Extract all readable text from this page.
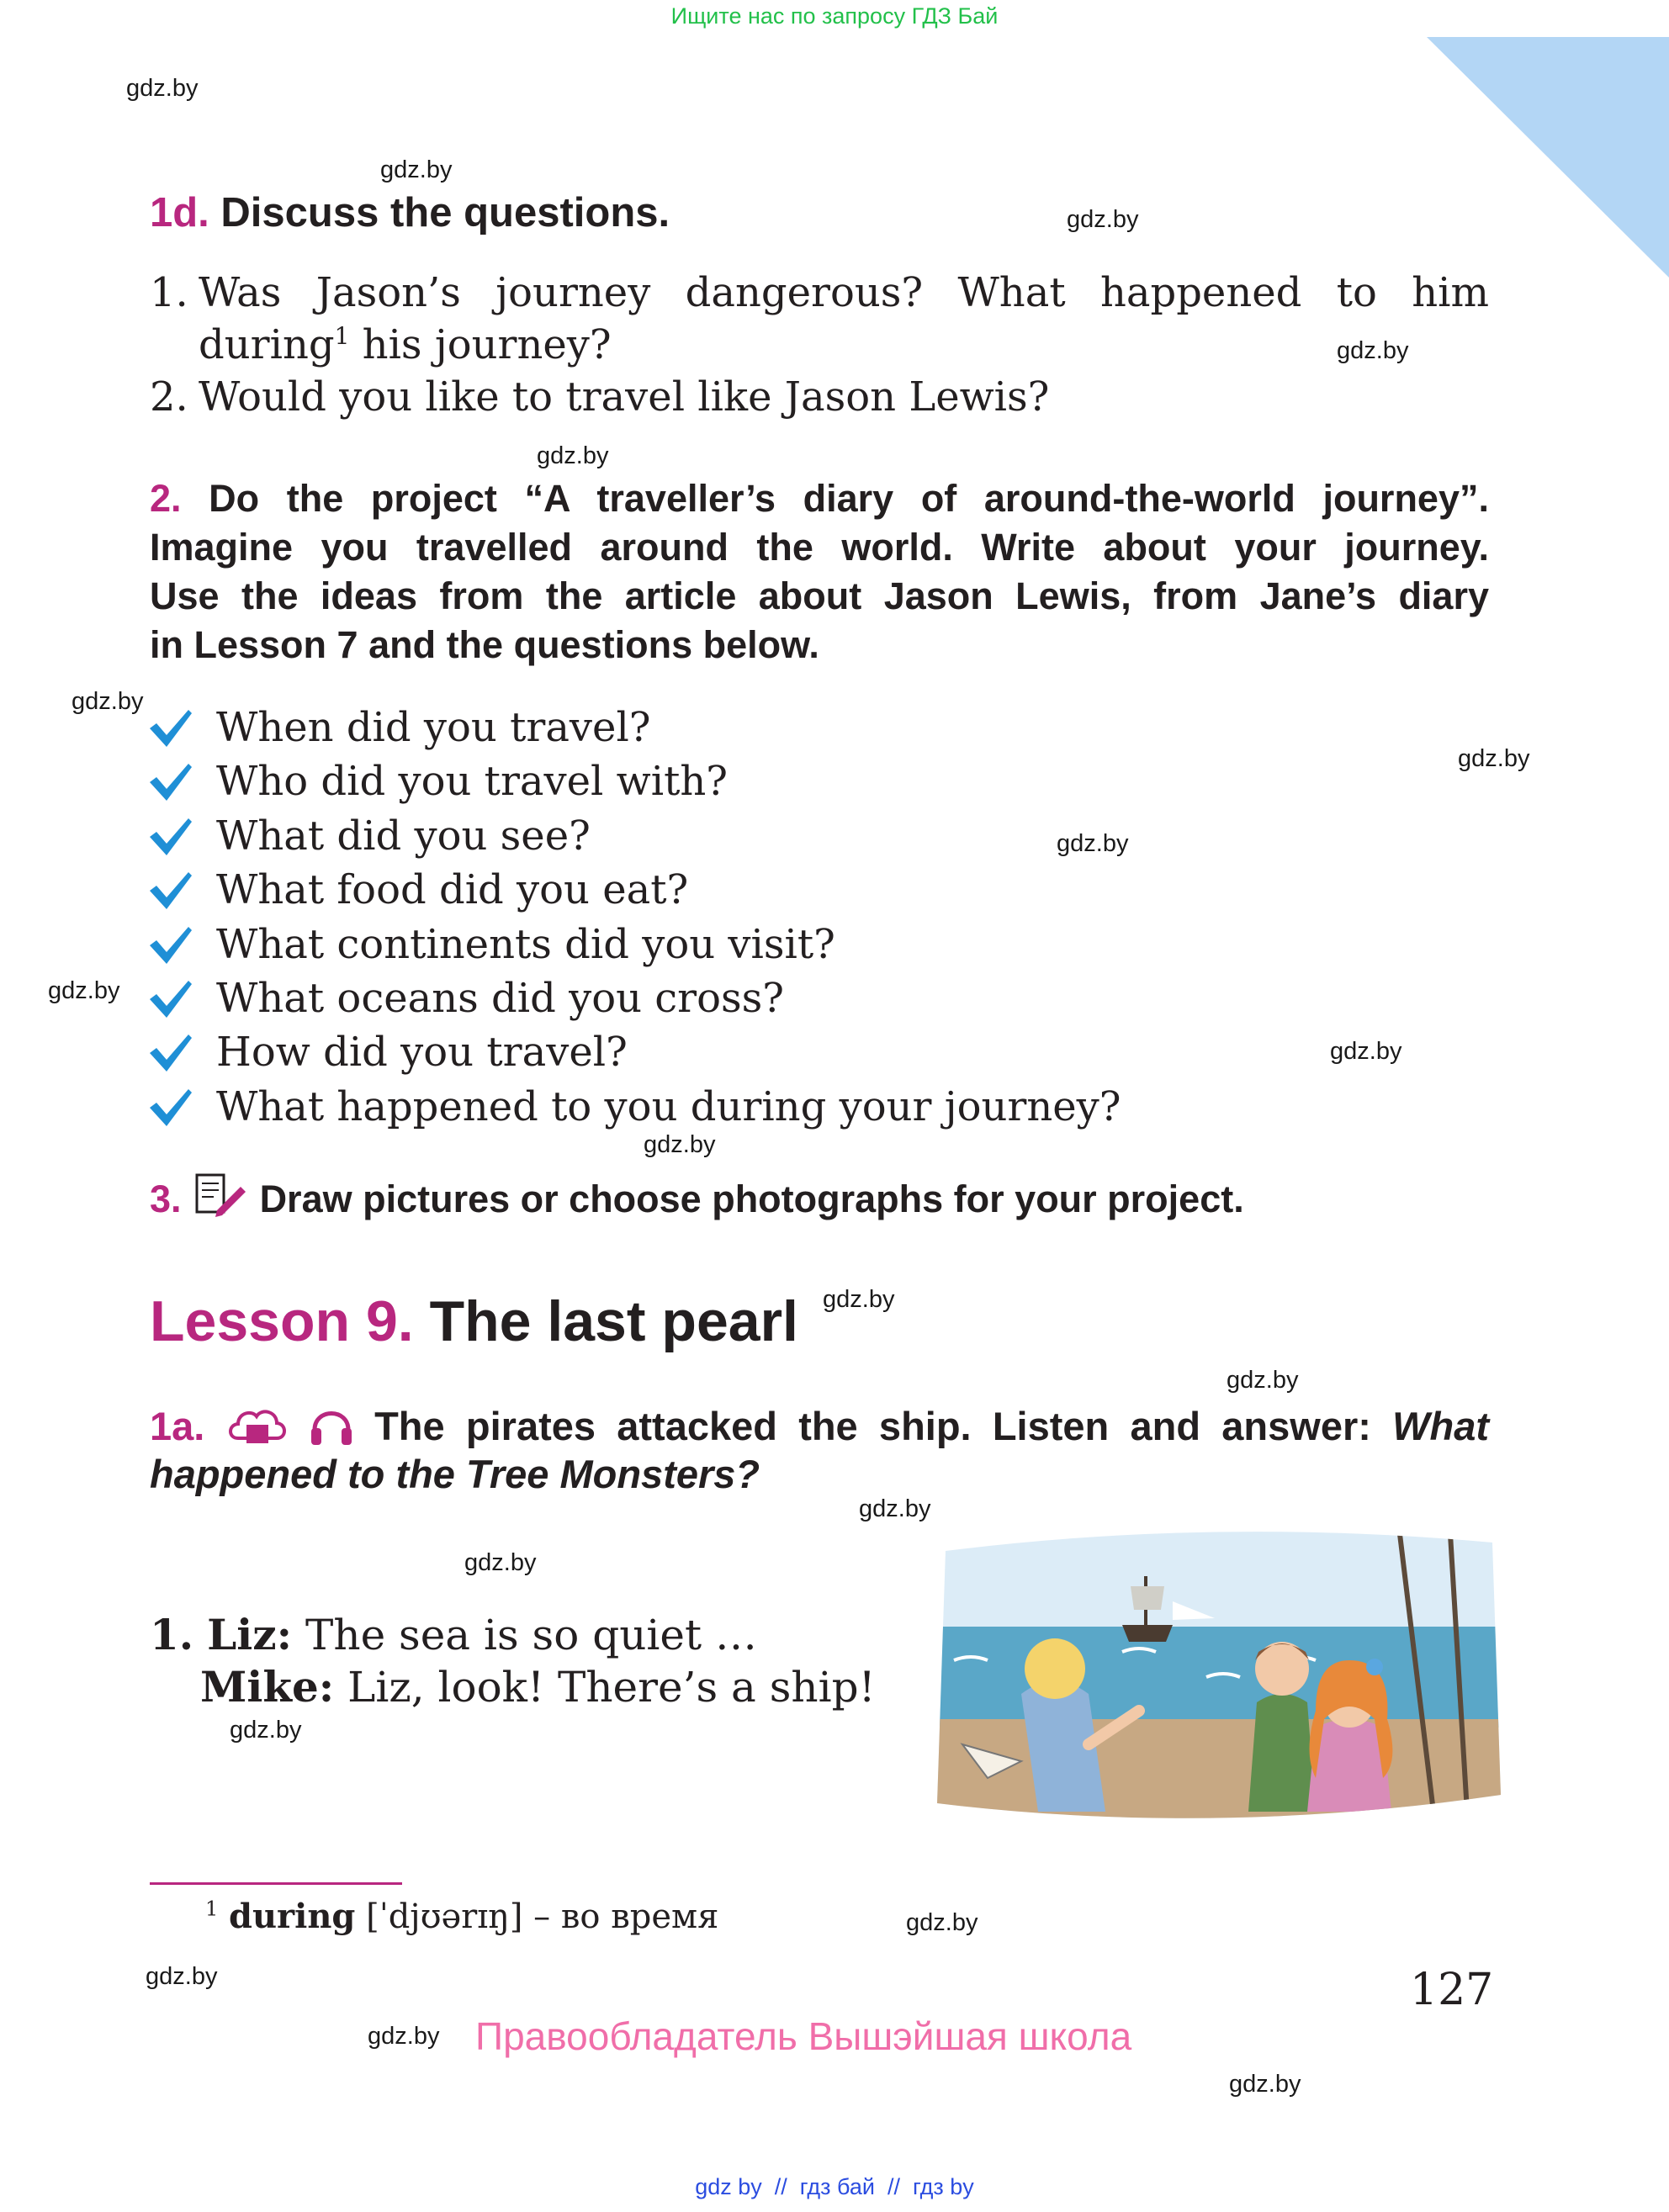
Ищите нас по запросу ГДЗ Бай
gdz.by
gdz.by
gdz.by
gdz.by
gdz.by
gdz.by
gdz.by
gdz.by
gdz.by
gdz.by
gdz.by
gdz.by
gdz.by
gdz.by
gdz.by
gdz.by
gdz.by
gdz.by
gdz.by
gdz.by
1d. Discuss the questions.
1. Was Jason’s journey dangerous? What happened to him
during$^1$ his journey?
2. Would you like to travel like Jason Lewis?
2. Do the project “A traveller’s diary of around-the-world journey”.
Imagine you travelled around the world. Write about your journey.
Use the ideas from the article about Jason Lewis, from Jane’s diary
in Lesson 7 and the questions below.
When did you travel?
Who did you travel with?
What did you see?
What food did you eat?
What continents did you visit?
What oceans did you cross?
How did you travel?
What happened to you during your journey?
3. Draw pictures or choose photographs for your project.
Lesson 9. The last pearl
1a.	The pirates attacked the ship. Listen and answer: What
happened to the Tree Monsters?
1. Liz: The sea is so quiet …
Mike: Liz, look! There’s a ship!
$^1$ during [ˈdjʊərɪŋ] – во время
127
Правообладатель Вышэйшая школа
gdz by  //  гдз бай  //  гдз by
